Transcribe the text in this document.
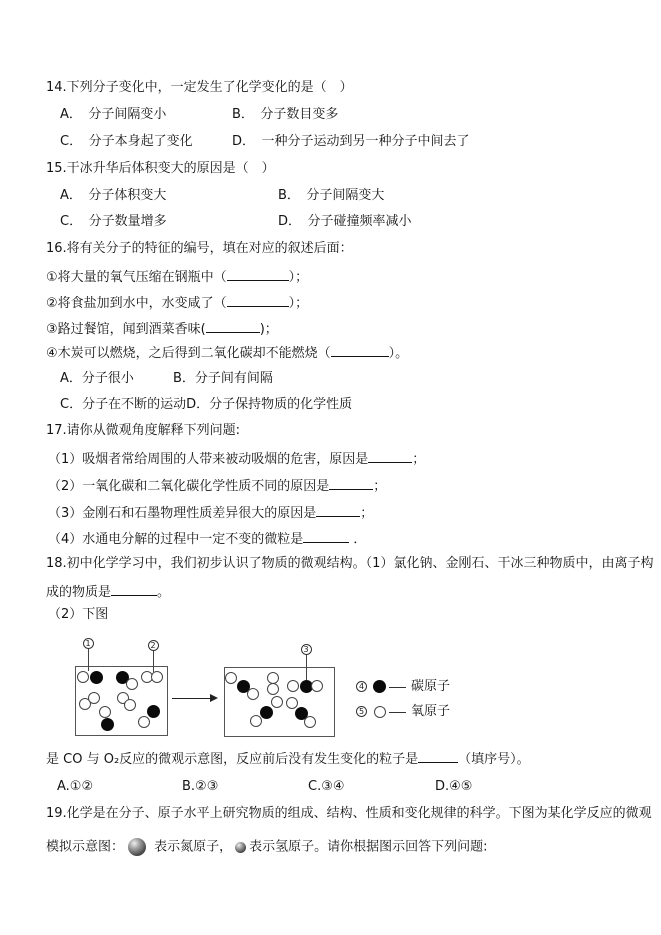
14.下列分子变化中，一定发生了化学变化的是（　）
A．　分子间隔变小	B．　分子数目变多
C．　分子本身起了变化	D．　一种分子运动到另一种分子中间去了
15.干冰升华后体积变大的原因是（　）
A．　分子体积变大	B．　分子间隔变大
C．　分子数量增多	D．　分子碰撞频率减小
16.将有关分子的特征的编号，填在对应的叙述后面：
①将大量的氧气压缩在钢瓶中（	）；
②将食盐加到水中，水变咸了（	）；
③路过餐馆，闻到酒菜香味(	)；
④木炭可以燃烧，之后得到二氧化碳却不能燃烧（	）。
A．分子很小	B．分子间有间隔
C．分子在不断的运动D．分子保持物质的化学性质
17.请你从微观角度解释下列问题:
（1）吸烟者常给周围的人带来被动吸烟的危害，原因是	；
（2）一氧化碳和二氧化碳化学性质不同的原因是	；
（3）金刚石和石墨物理性质差异很大的原因是	；
（4）水通电分解的过程中一定不变的微粒是	．
18.初中化学学习中，我们初步认识了物质的微观结构。（1）氯化钠、金刚石、干冰三种物质中，由离子构
成的物质是	。
（2）下图
4	碳原子
5	氧原子
1	2	3
是 CO 与 O₂反应的微观示意图，反应前后没有发生变化的粒子是	（填序号）。
A.①②	B.②③	C.③④	D.④⑤
19.化学是在分子、原子水平上研究物质的组成、结构、性质和变化规律的科学。下图为某化学反应的微观
模拟示意图： 表示氮原子， 表示氢原子。请你根据图示回答下列问题:
